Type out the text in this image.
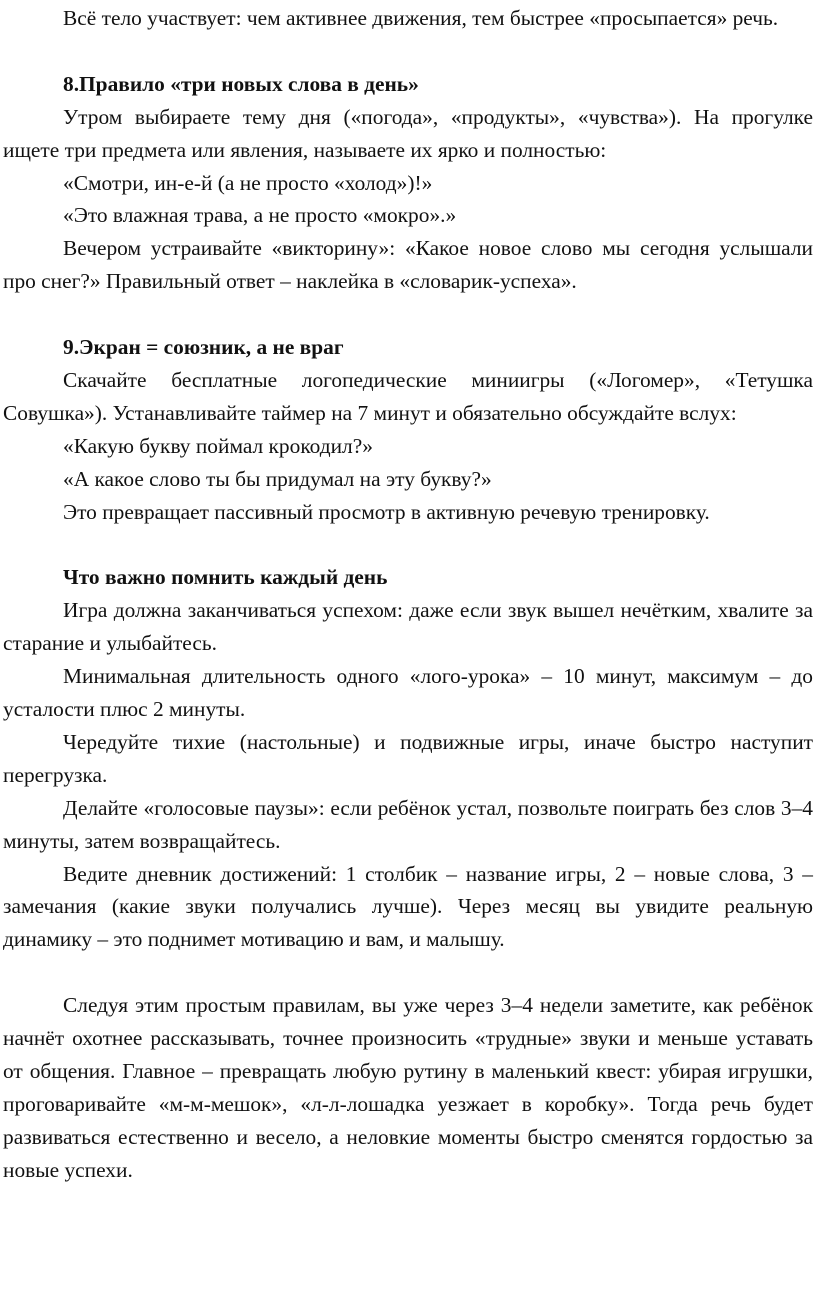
Всё тело участвует: чем активнее движения, тем быстрее «просыпается» речь.

8.Правило «три новых слова в день»

Утром выбираете тему дня («погода», «продукты», «чувства»). На прогулке ищете три предмета или явления, называете их ярко и полностью:

«Смотри, ин-е-й (а не просто «холод»)!»

«Это влажная трава, а не просто «мокро».»

Вечером устраивайте «викторину»: «Какое новое слово мы сегодня услышали про снег?» Правильный ответ – наклейка в «словарик-успеха».

9.Экран = союзник, а не враг

Скачайте бесплатные логопедические миниигры («Логомер», «Тетушка Совушка»). Устанавливайте таймер на 7 минут и обязательно обсуждайте вслух:

«Какую букву поймал крокодил?»

«А какое слово ты бы придумал на эту букву?»

Это превращает пассивный просмотр в активную речевую тренировку.

Что важно помнить каждый день

Игра должна заканчиваться успехом: даже если звук вышел нечётким, хвалите за старание и улыбайтесь.

Минимальная длительность одного «лого-урока» – 10 минут, максимум – до усталости плюс 2 минуты.

Чередуйте тихие (настольные) и подвижные игры, иначе быстро наступит перегрузка.

Делайте «голосовые паузы»: если ребёнок устал, позвольте поиграть без слов 3–4 минуты, затем возвращайтесь.

Ведите дневник достижений: 1 столбик – название игры, 2 – новые слова, 3 – замечания (какие звуки получались лучше). Через месяц вы увидите реальную динамику – это поднимет мотивацию и вам, и малышу.

Следуя этим простым правилам, вы уже через 3–4 недели заметите, как ребёнок начнёт охотнее рассказывать, точнее произносить «трудные» звуки и меньше уставать от общения. Главное – превращать любую рутину в маленький квест: убирая игрушки, проговаривайте «м-м-мешок», «л-л-лошадка уезжает в коробку». Тогда речь будет развиваться естественно и весело, а неловкие моменты быстро сменятся гордостью за новые успехи.
